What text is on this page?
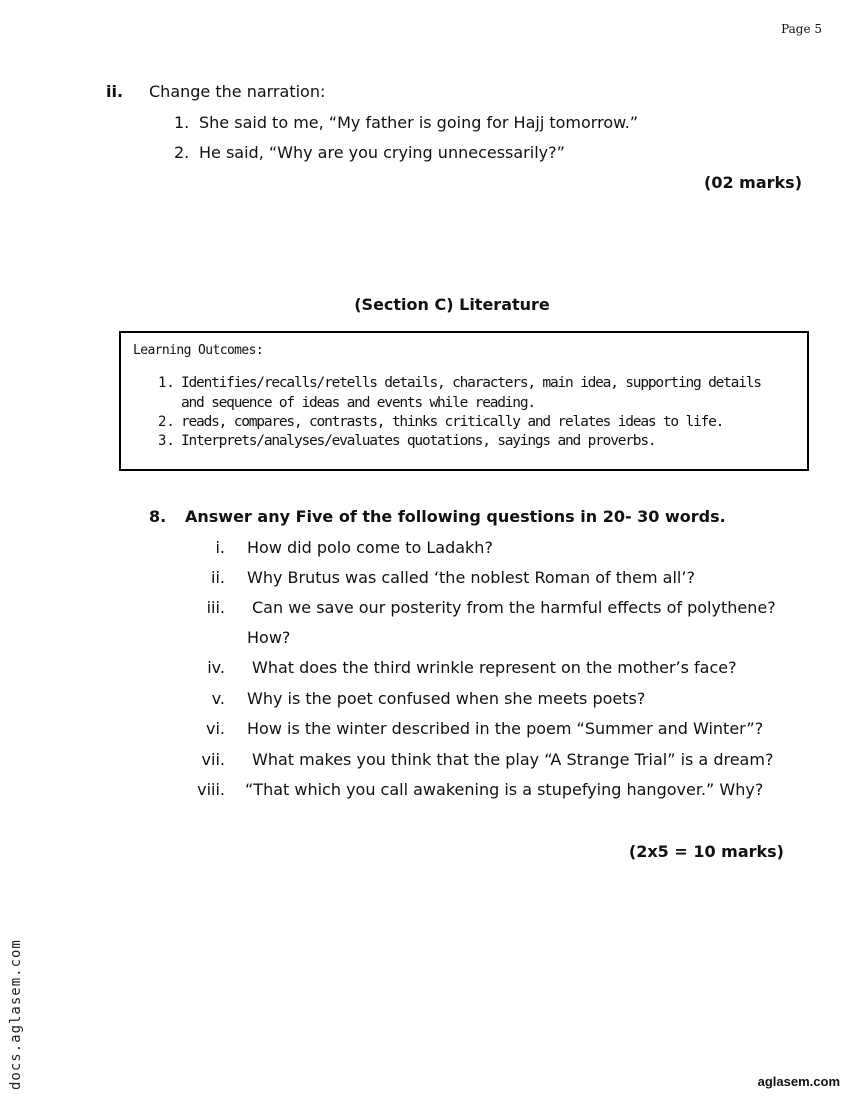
Page 5
ii. Change the narration:
1. She said to me, “My father is going for Hajj tomorrow.”
2. He said, “Why are you crying unnecessarily?”
(02 marks)
(Section C) Literature
Learning Outcomes:
1. Identifies/recalls/retells details, characters, main idea, supporting details
and sequence of ideas and events while reading.
2. reads, compares, contrasts, thinks critically and relates ideas to life.
3. Interprets/analyses/evaluates quotations, sayings and proverbs.
8. Answer any Five of the following questions in 20- 30 words.
i. How did polo come to Ladakh?
ii. Why Brutus was called ‘the noblest Roman of them all’?
iii. Can we save our posterity from the harmful effects of polythene?
How?
iv. What does the third wrinkle represent on the mother’s face?
v. Why is the poet confused when she meets poets?
vi. How is the winter described in the poem “Summer and Winter”?
vii. What makes you think that the play “A Strange Trial” is a dream?
viii. “That which you call awakening is a stupefying hangover.” Why?
(2x5 = 10 marks)
docs.aglasem.com	aglasem.com
